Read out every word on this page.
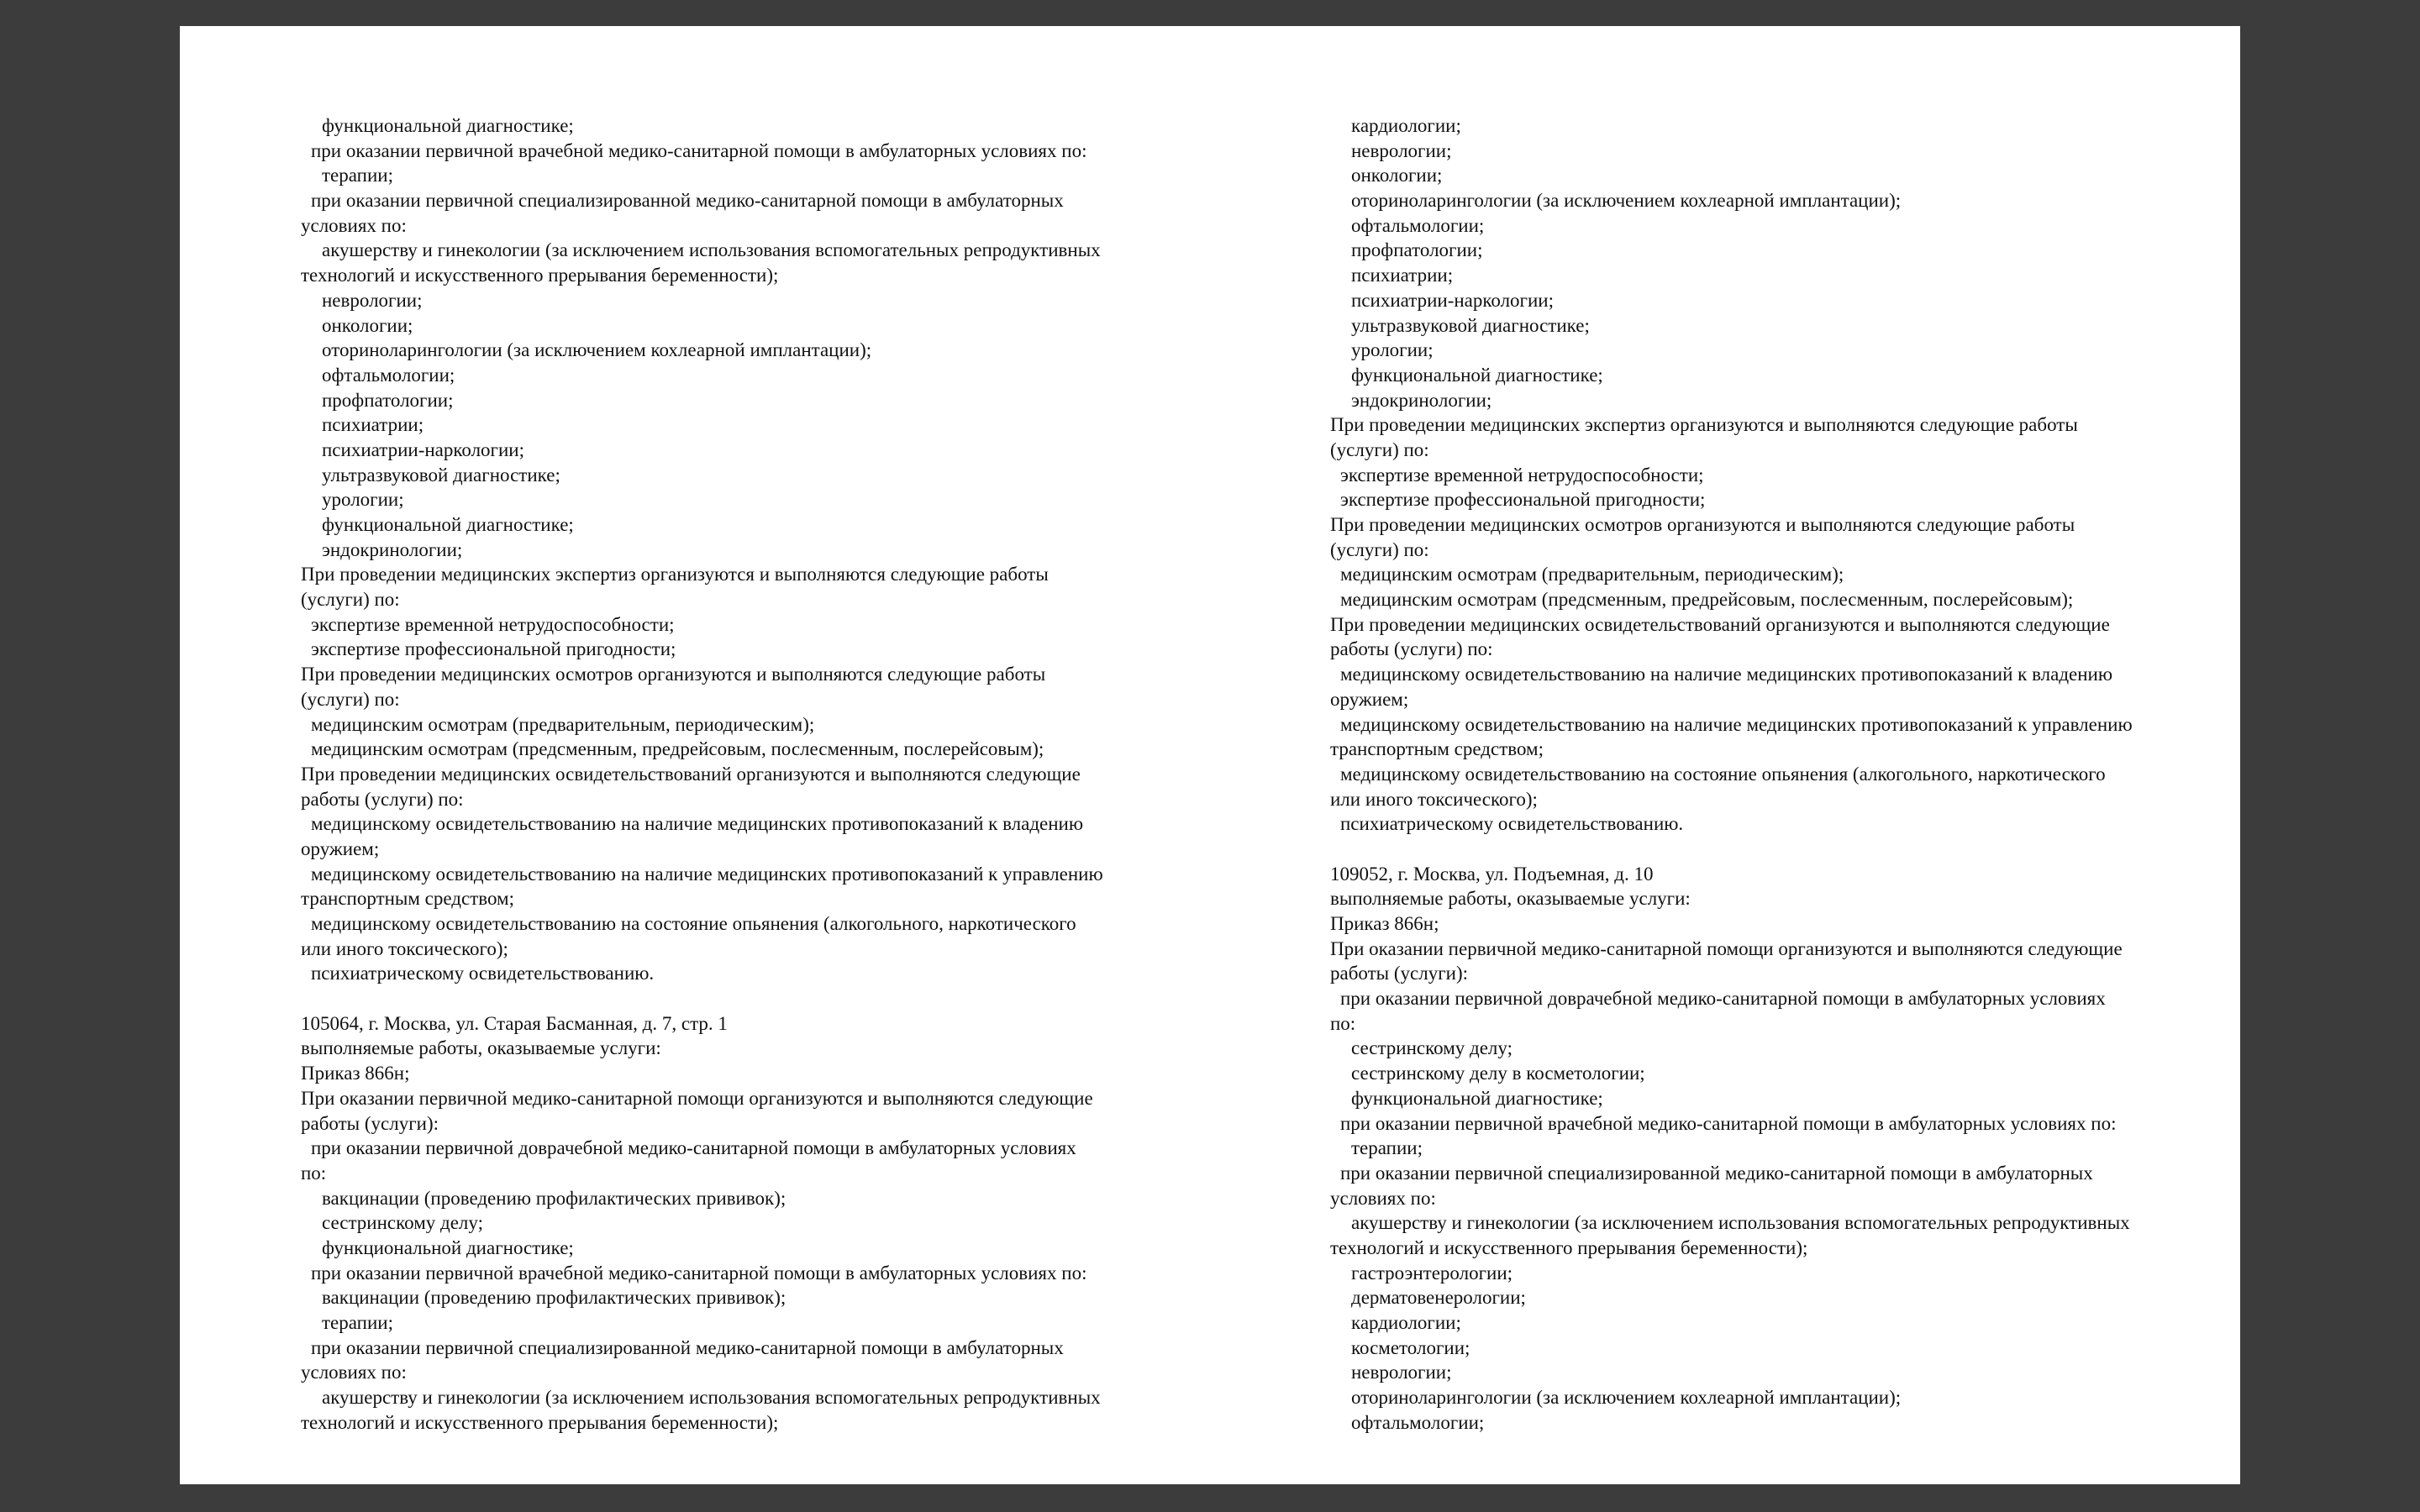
функциональной диагностике;
при оказании первичной врачебной медико-санитарной помощи в амбулаторных условиях по:
терапии;
при оказании первичной специализированной медико-санитарной помощи в амбулаторных
условиях по:
акушерству и гинекологии (за исключением использования вспомогательных репродуктивных
технологий и искусственного прерывания беременности);
неврологии;
онкологии;
оториноларингологии (за исключением кохлеарной имплантации);
офтальмологии;
профпатологии;
психиатрии;
психиатрии-наркологии;
ультразвуковой диагностике;
урологии;
функциональной диагностике;
эндокринологии;
При проведении медицинских экспертиз организуются и выполняются следующие работы
(услуги) по:
экспертизе временной нетрудоспособности;
экспертизе профессиональной пригодности;
При проведении медицинских осмотров организуются и выполняются следующие работы
(услуги) по:
медицинским осмотрам (предварительным, периодическим);
медицинским осмотрам (предсменным, предрейсовым, послесменным, послерейсовым);
При проведении медицинских освидетельствований организуются и выполняются следующие
работы (услуги) по:
медицинскому освидетельствованию на наличие медицинских противопоказаний к владению
оружием;
медицинскому освидетельствованию на наличие медицинских противопоказаний к управлению
транспортным средством;
медицинскому освидетельствованию на состояние опьянения (алкогольного, наркотического
или иного токсического);
психиатрическому освидетельствованию.
105064, г. Москва, ул. Старая Басманная, д. 7, стр. 1
выполняемые работы, оказываемые услуги:
Приказ 866н;
При оказании первичной медико-санитарной помощи организуются и выполняются следующие
работы (услуги):
при оказании первичной доврачебной медико-санитарной помощи в амбулаторных условиях
по:
вакцинации (проведению профилактических прививок);
сестринскому делу;
функциональной диагностике;
при оказании первичной врачебной медико-санитарной помощи в амбулаторных условиях по:
вакцинации (проведению профилактических прививок);
терапии;
при оказании первичной специализированной медико-санитарной помощи в амбулаторных
условиях по:
акушерству и гинекологии (за исключением использования вспомогательных репродуктивных
технологий и искусственного прерывания беременности);
кардиологии;
неврологии;
онкологии;
оториноларингологии (за исключением кохлеарной имплантации);
офтальмологии;
профпатологии;
психиатрии;
психиатрии-наркологии;
ультразвуковой диагностике;
урологии;
функциональной диагностике;
эндокринологии;
При проведении медицинских экспертиз организуются и выполняются следующие работы
(услуги) по:
экспертизе временной нетрудоспособности;
экспертизе профессиональной пригодности;
При проведении медицинских осмотров организуются и выполняются следующие работы
(услуги) по:
медицинским осмотрам (предварительным, периодическим);
медицинским осмотрам (предсменным, предрейсовым, послесменным, послерейсовым);
При проведении медицинских освидетельствований организуются и выполняются следующие
работы (услуги) по:
медицинскому освидетельствованию на наличие медицинских противопоказаний к владению
оружием;
медицинскому освидетельствованию на наличие медицинских противопоказаний к управлению
транспортным средством;
медицинскому освидетельствованию на состояние опьянения (алкогольного, наркотического
или иного токсического);
психиатрическому освидетельствованию.
109052, г. Москва, ул. Подъемная, д. 10
выполняемые работы, оказываемые услуги:
Приказ 866н;
При оказании первичной медико-санитарной помощи организуются и выполняются следующие
работы (услуги):
при оказании первичной доврачебной медико-санитарной помощи в амбулаторных условиях
по:
сестринскому делу;
сестринскому делу в косметологии;
функциональной диагностике;
при оказании первичной врачебной медико-санитарной помощи в амбулаторных условиях по:
терапии;
при оказании первичной специализированной медико-санитарной помощи в амбулаторных
условиях по:
акушерству и гинекологии (за исключением использования вспомогательных репродуктивных
технологий и искусственного прерывания беременности);
гастроэнтерологии;
дерматовенерологии;
кардиологии;
косметологии;
неврологии;
оториноларингологии (за исключением кохлеарной имплантации);
офтальмологии;
